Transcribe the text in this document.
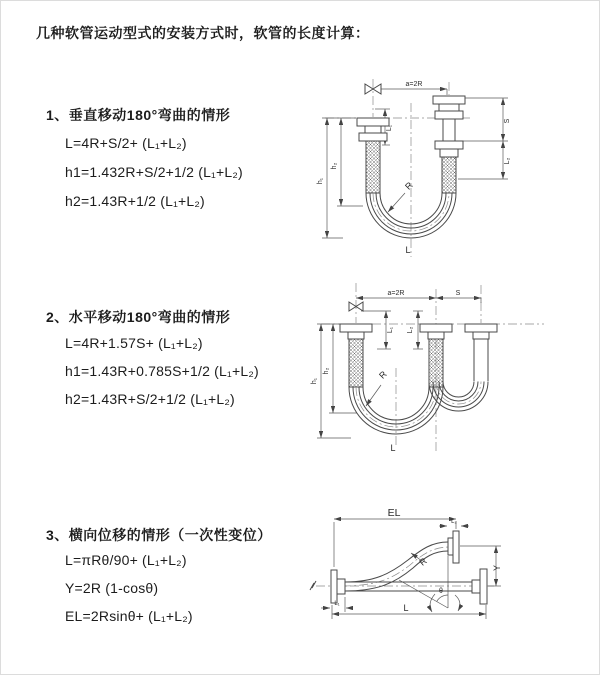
几种软管运动型式的安装方式时，软管的长度计算：
1、垂直移动180°弯曲的情形
L=4R+S/2+ (L₁+L₂)
h1=1.432R+S/2+1/2 (L₁+L₂)
h2=1.43R+1/2 (L₁+L₂)
2、水平移动180°弯曲的情形
L=4R+1.57S+ (L₁+L₂)
h1=1.43R+0.785S+1/2 (L₁+L₂)
h2=1.43R+S/2+1/2 (L₁+L₂)
3、横向位移的情形（一次性变位）
L=πRθ/90+ (L₁+L₂)
Y=2R (1-cosθ)
EL=2Rsinθ+ (L₁+L₂)
a=2R
h₁
h₂
L₁
S
L₂
R
L
a=2R	S
h₁
h₂
L₁ L₂
R
L
EL
L₂
Y
R
θ
L
L₁
